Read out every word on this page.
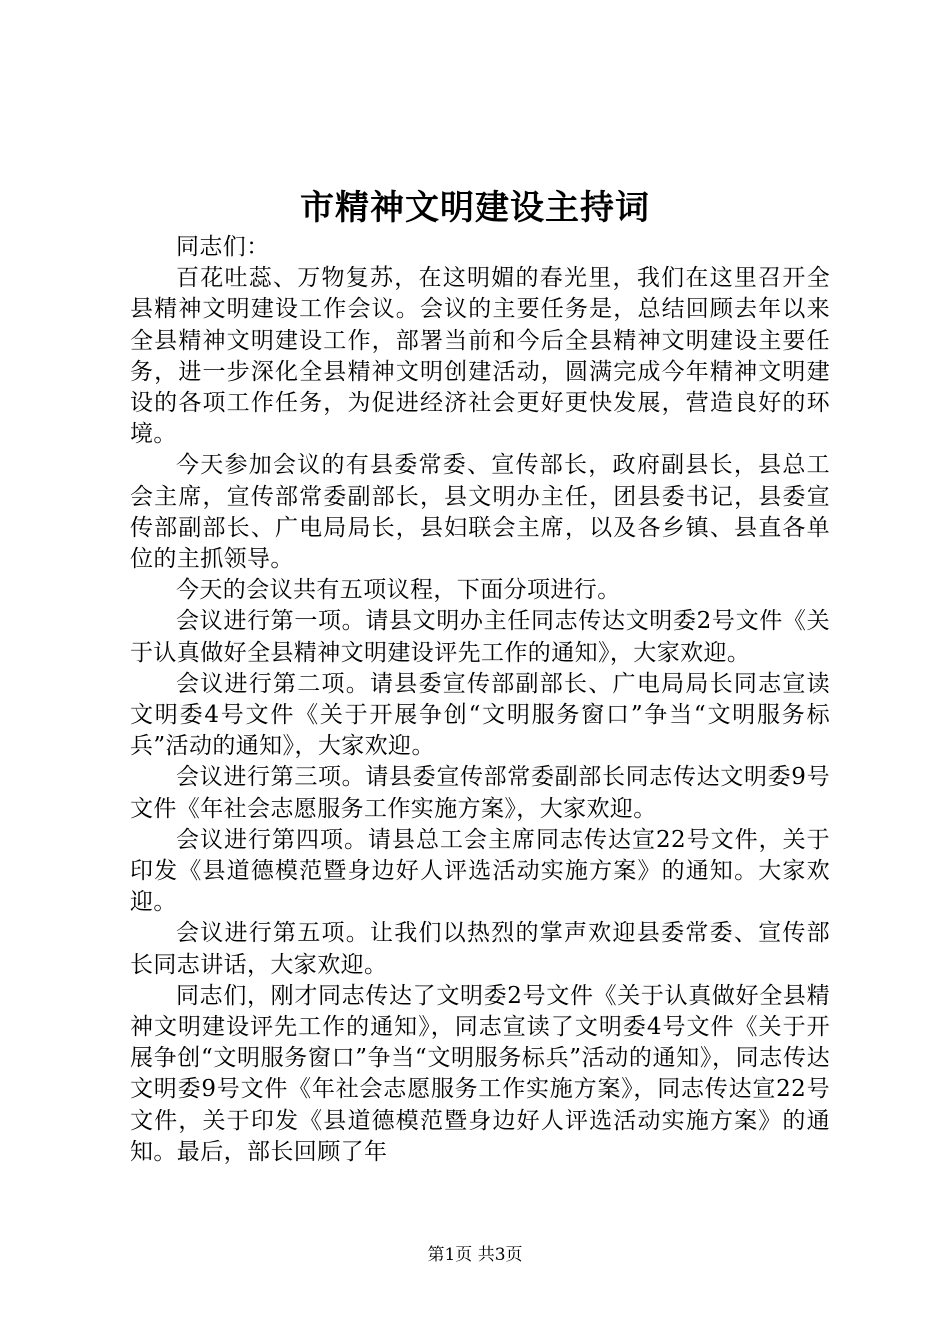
市精神文明建设主持词

同志们：

百花吐蕊、万物复苏，在这明媚的春光里，我们在这里召开全县精神文明建设工作会议。会议的主要任务是，总结回顾去年以来全县精神文明建设工作，部署当前和今后全县精神文明建设主要任务，进一步深化全县精神文明创建活动，圆满完成今年精神文明建设的各项工作任务，为促进经济社会更好更快发展，营造良好的环境。

今天参加会议的有县委常委、宣传部长，政府副县长，县总工会主席，宣传部常委副部长，县文明办主任，团县委书记，县委宣传部副部长、广电局局长，县妇联会主席，以及各乡镇、县直各单位的主抓领导。

今天的会议共有五项议程，下面分项进行。

会议进行第一项。请县文明办主任同志传达文明委2号文件《关于认真做好全县精神文明建设评先工作的通知》，大家欢迎。

会议进行第二项。请县委宣传部副部长、广电局局长同志宣读文明委4号文件《关于开展争创“文明服务窗口”争当“文明服务标兵”活动的通知》，大家欢迎。

会议进行第三项。请县委宣传部常委副部长同志传达文明委9号文件《年社会志愿服务工作实施方案》，大家欢迎。

会议进行第四项。请县总工会主席同志传达宣22号文件，关于印发《县道德模范暨身边好人评选活动实施方案》的通知。大家欢迎。

会议进行第五项。让我们以热烈的掌声欢迎县委常委、宣传部长同志讲话，大家欢迎。

同志们，刚才同志传达了文明委2号文件《关于认真做好全县精神文明建设评先工作的通知》，同志宣读了文明委4号文件《关于开展争创“文明服务窗口”争当“文明服务标兵”活动的通知》，同志传达文明委9号文件《年社会志愿服务工作实施方案》，同志传达宣22号文件，关于印发《县道德模范暨身边好人评选活动实施方案》的通知。最后，部长回顾了年

第1页 共3页
